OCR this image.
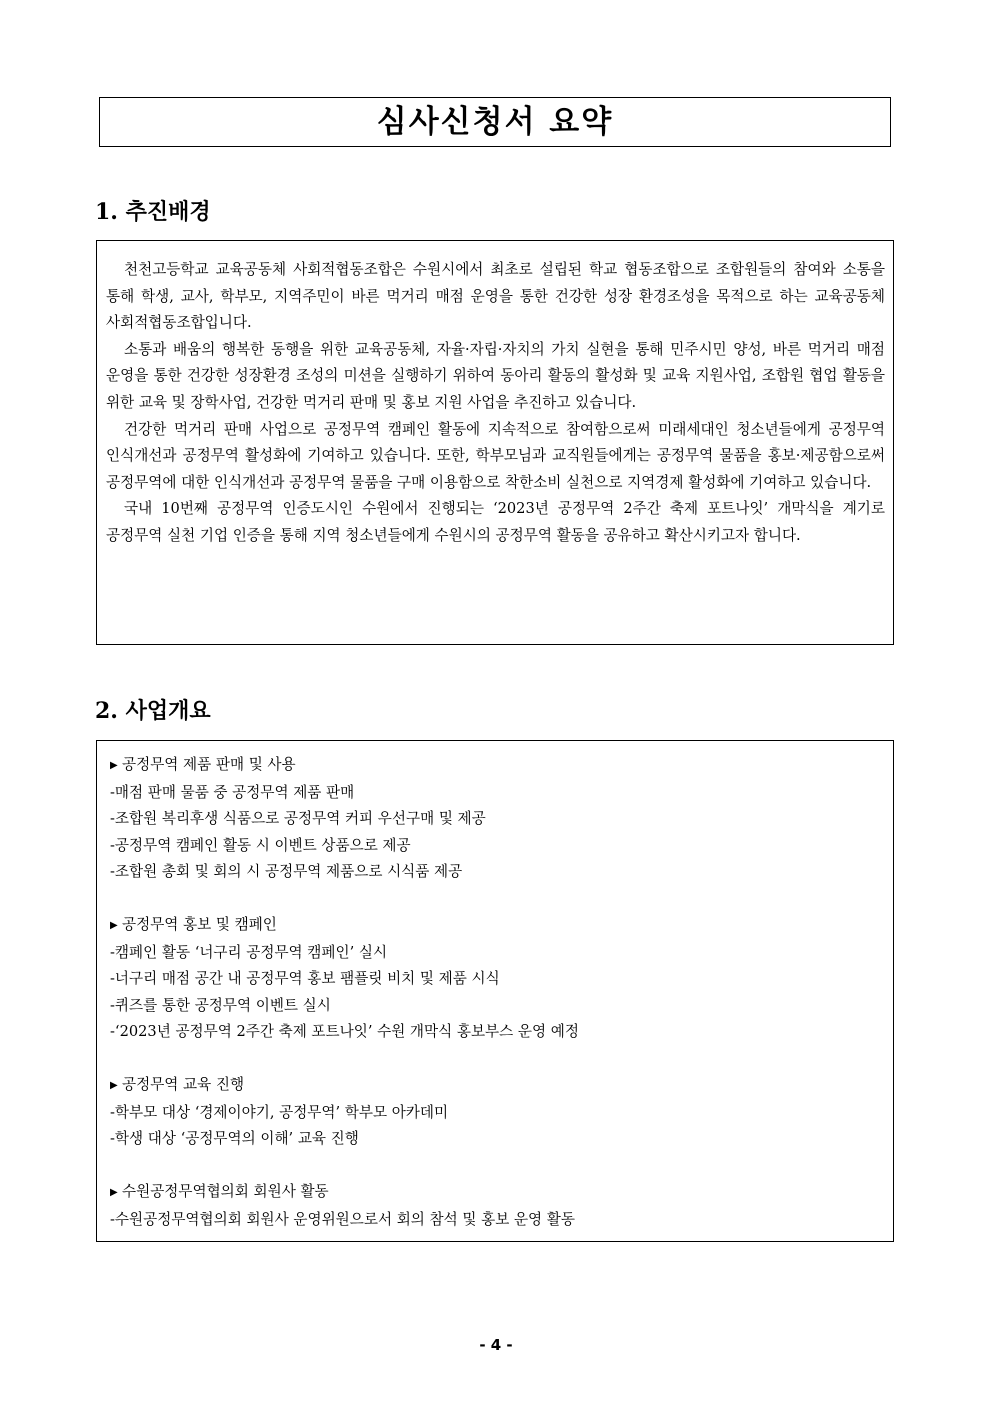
심사신청서 요약
1. 추진배경

천천고등학교 교육공동체 사회적협동조합은 수원시에서 최초로 설립된 학교 협동조합으로 조합원들의 참여와 소통을 통해 학생, 교사, 학부모, 지역주민이 바른 먹거리 매점 운영을 통한 건강한 성장 환경조성을 목적으로 하는 교육공동체 사회적협동조합입니다.

소통과 배움의 행복한 동행을 위한 교육공동체, 자율·자립·자치의 가치 실현을 통해 민주시민 양성, 바른 먹거리 매점 운영을 통한 건강한 성장환경 조성의 미션을 실행하기 위하여 동아리 활동의 활성화 및 교육 지원사업, 조합원 협업 활동을 위한 교육 및 장학사업, 건강한 먹거리 판매 및 홍보 지원 사업을 추진하고 있습니다.

건강한 먹거리 판매 사업으로 공정무역 캠페인 활동에 지속적으로 참여함으로써 미래세대인 청소년들에게 공정무역 인식개선과 공정무역 활성화에 기여하고 있습니다. 또한, 학부모님과 교직원들에게는 공정무역 물품을 홍보·제공함으로써 공정무역에 대한 인식개선과 공정무역 물품을 구매 이용함으로 착한소비 실천으로 지역경제 활성화에 기여하고 있습니다.

국내 10번째 공정무역 인증도시인 수원에서 진행되는 ‘2023년 공정무역 2주간 축제 포트나잇’ 개막식을 계기로 공정무역 실천 기업 인증을 통해 지역 청소년들에게 수원시의 공정무역 활동을 공유하고 확산시키고자 합니다.

2. 사업개요
▶ 공정무역 제품 판매 및 사용
-매점 판매 물품 중 공정무역 제품 판매
-조합원 복리후생 식품으로 공정무역 커피 우선구매 및 제공
-공정무역 캠페인 활동 시 이벤트 상품으로 제공
-조합원 총회 및 회의 시 공정무역 제품으로 시식품 제공
▶ 공정무역 홍보 및 캠페인
-캠페인 활동 ‘너구리 공정무역 캠페인’ 실시
-너구리 매점 공간 내 공정무역 홍보 팸플릿 비치 및 제품 시식
-퀴즈를 통한 공정무역 이벤트 실시
-‘2023년 공정무역 2주간 축제 포트나잇’ 수원 개막식 홍보부스 운영 예정
▶ 공정무역 교육 진행
-학부모 대상 ‘경제이야기, 공정무역’ 학부모 아카데미
-학생 대상 ‘공정무역의 이해’ 교육 진행
▶ 수원공정무역협의회 회원사 활동
-수원공정무역협의회 회원사 운영위원으로서 회의 참석 및 홍보 운영 활동
- 4 -
